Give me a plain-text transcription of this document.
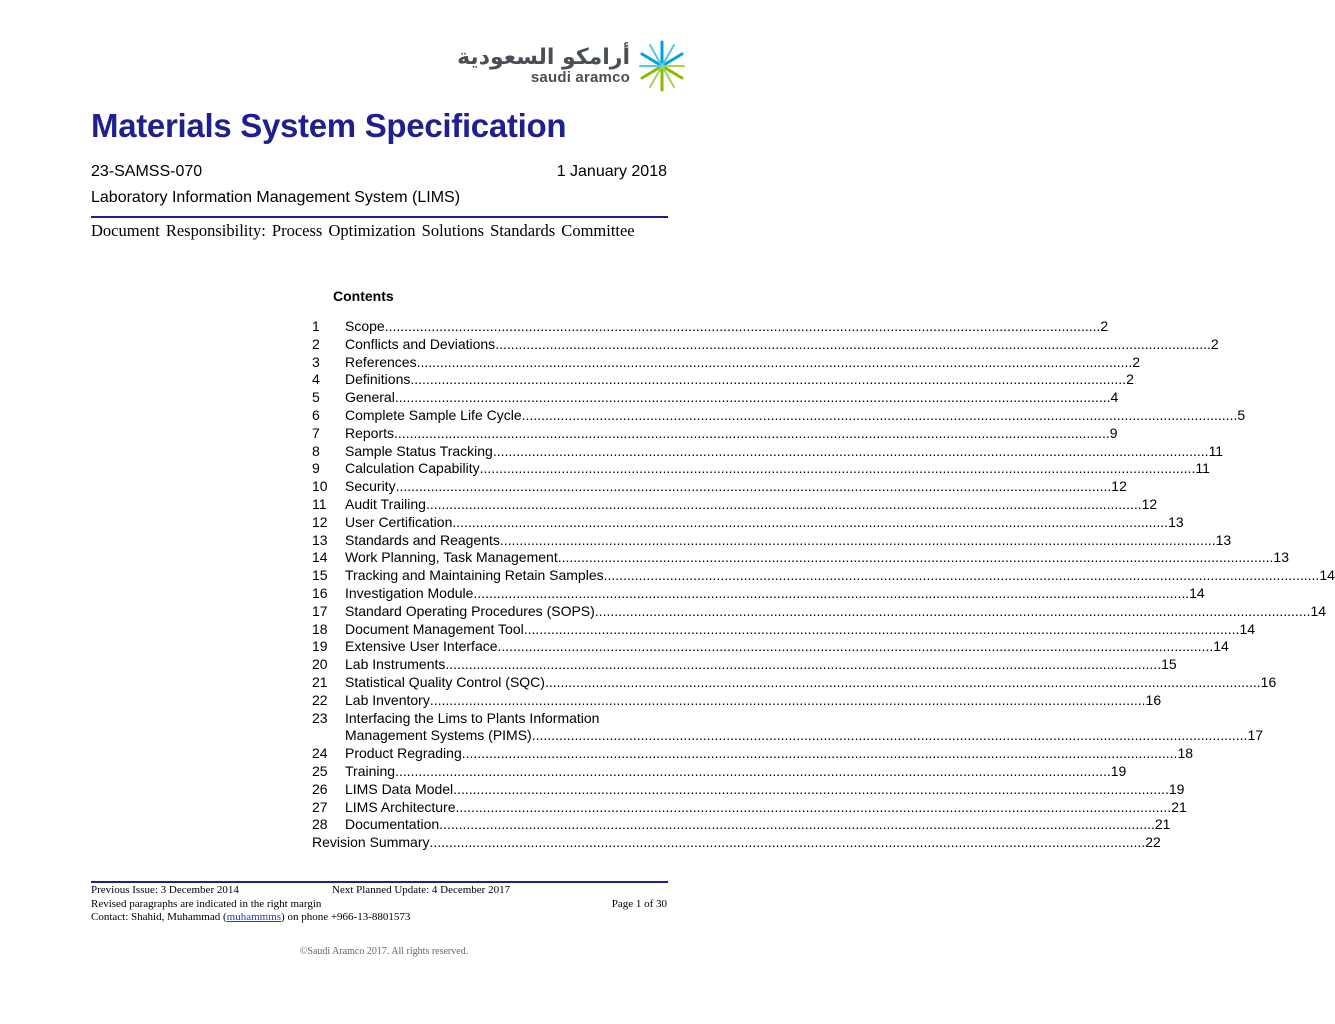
أرامكو السعودية
saudi aramco
Materials System Specification
23-SAMSS-070	1 January 2018
Laboratory Information Management System (LIMS)
Document Responsibility: Process Optimization Solutions Standards Committee
Contents
1	Scope .....	2
2	Conflicts and Deviations .....	2
3	References .....	2
4	Definitions .....	2
5	General .....	4
6	Complete Sample Life Cycle .....	5
7	Reports .....	9
8	Sample Status Tracking .....	11
9	Calculation Capability .....	11
10	Security .....	12
11	Audit Trailing .....	12
12	User Certification .....	13
13	Standards and Reagents .....	13
14	Work Planning, Task Management .....	13
15	Tracking and Maintaining Retain Samples .....	14
16	Investigation Module .....	14
17	Standard Operating Procedures (SOPS) .....	14
18	Document Management Tool .....	14
19	Extensive User Interface .....	14
20	Lab Instruments .....	15
21	Statistical Quality Control (SQC) .....	16
22	Lab Inventory .....	16
23	Interfacing the Lims to Plants Information
Management Systems (PIMS) .....	17
24	Product Regrading .....	18
25	Training .....	19
26	LIMS Data Model .....	19
27	LIMS Architecture .....	21
28	Documentation .....	21
Revision Summary .....	22
Previous Issue: 3 December 2014	Next Planned Update: 4 December 2017
Revised paragraphs are indicated in the right margin	Page 1 of 30
Contact: Shahid, Muhammad (muhammms) on phone +966-13-8801573
©Saudi Aramco 2017. All rights reserved.
